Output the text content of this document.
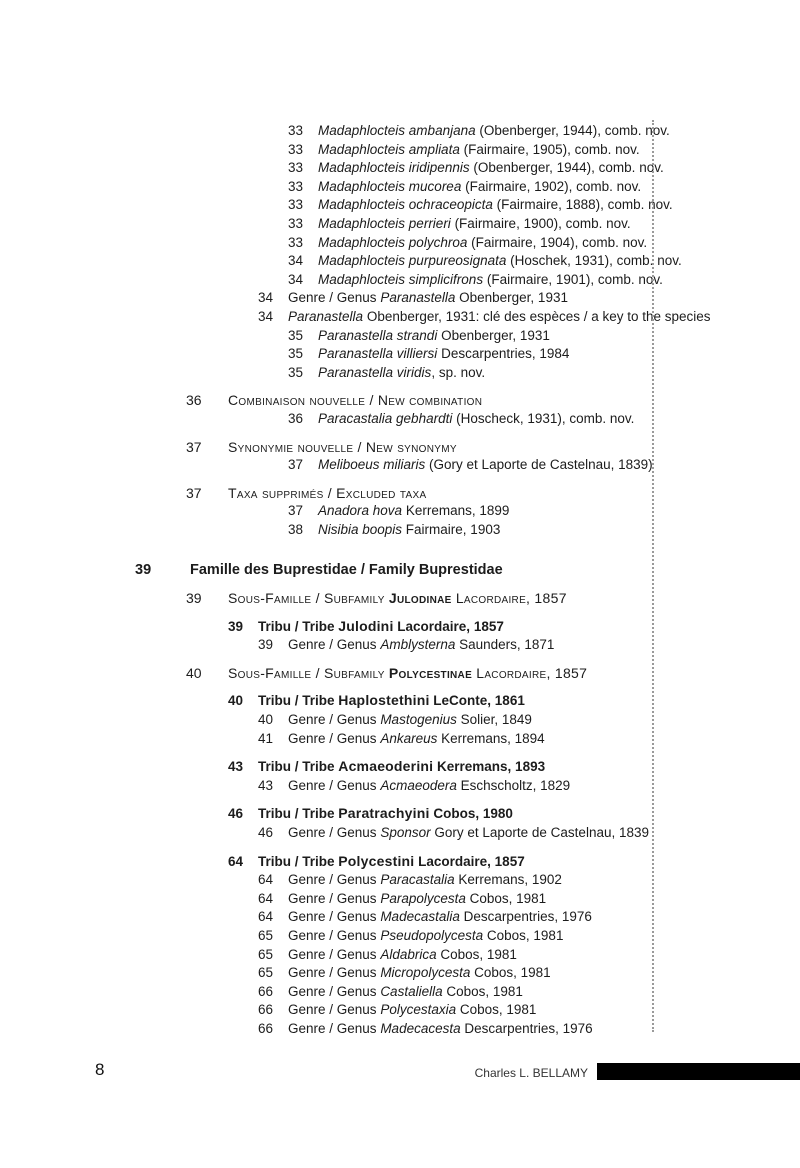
33	Madaphlocteis ambanjana (Obenberger, 1944), comb. nov.
33	Madaphlocteis ampliata (Fairmaire, 1905), comb. nov.
33	Madaphlocteis iridipennis (Obenberger, 1944), comb. nov.
33	Madaphlocteis mucorea (Fairmaire, 1902), comb. nov.
33	Madaphlocteis ochraceopicta (Fairmaire, 1888), comb. nov.
33	Madaphlocteis perrieri (Fairmaire, 1900), comb. nov.
33	Madaphlocteis polychroa (Fairmaire, 1904), comb. nov.
34	Madaphlocteis purpureosignata (Hoschek, 1931), comb. nov.
34	Madaphlocteis simplicifrons (Fairmaire, 1901), comb. nov.
34	Genre / Genus Paranastella Obenberger, 1931
34	Paranastella Obenberger, 1931: clé des espèces / a key to the species
35	Paranastella strandi Obenberger, 1931
35	Paranastella villiersi Descarpentries, 1984
35	Paranastella viridis, sp. nov.
36	Combinaison nouvelle / New combination
36	Paracastalia gebhardti (Hoscheck, 1931), comb. nov.
37	Synonymie nouvelle / New synonymy
37	Meliboeus miliaris (Gory et Laporte de Castelnau, 1839)
37	Taxa supprimés / Excluded taxa
37	Anadora hova Kerremans, 1899
38	Nisibia boopis Fairmaire, 1903
39	Famille des Buprestidae / Family Buprestidae
39	Sous-Famille / Subfamily Julodinae Lacordaire, 1857
39	Tribu / Tribe Julodini Lacordaire, 1857
39	Genre / Genus Amblysterna Saunders, 1871
40	Sous-Famille / Subfamily Polycestinae Lacordaire, 1857
40	Tribu / Tribe Haplostethini LeConte, 1861
40	Genre / Genus Mastogenius Solier, 1849
41	Genre / Genus Ankareus Kerremans, 1894
43	Tribu / Tribe Acmaeoderini Kerremans, 1893
43	Genre / Genus Acmaeodera Eschscholtz, 1829
46	Tribu / Tribe Paratrachyini Cobos, 1980
46	Genre / Genus Sponsor Gory et Laporte de Castelnau, 1839
64	Tribu / Tribe Polycestini Lacordaire, 1857
64	Genre / Genus Paracastalia Kerremans, 1902
64	Genre / Genus Parapolycesta Cobos, 1981
64	Genre / Genus Madecastalia Descarpentries, 1976
65	Genre / Genus Pseudopolycesta Cobos, 1981
65	Genre / Genus Aldabrica Cobos, 1981
65	Genre / Genus Micropolycesta Cobos, 1981
66	Genre / Genus Castaliella Cobos, 1981
66	Genre / Genus Polycestaxia Cobos, 1981
66	Genre / Genus Madecacesta Descarpentries, 1976
8	Charles L. BELLAMY
